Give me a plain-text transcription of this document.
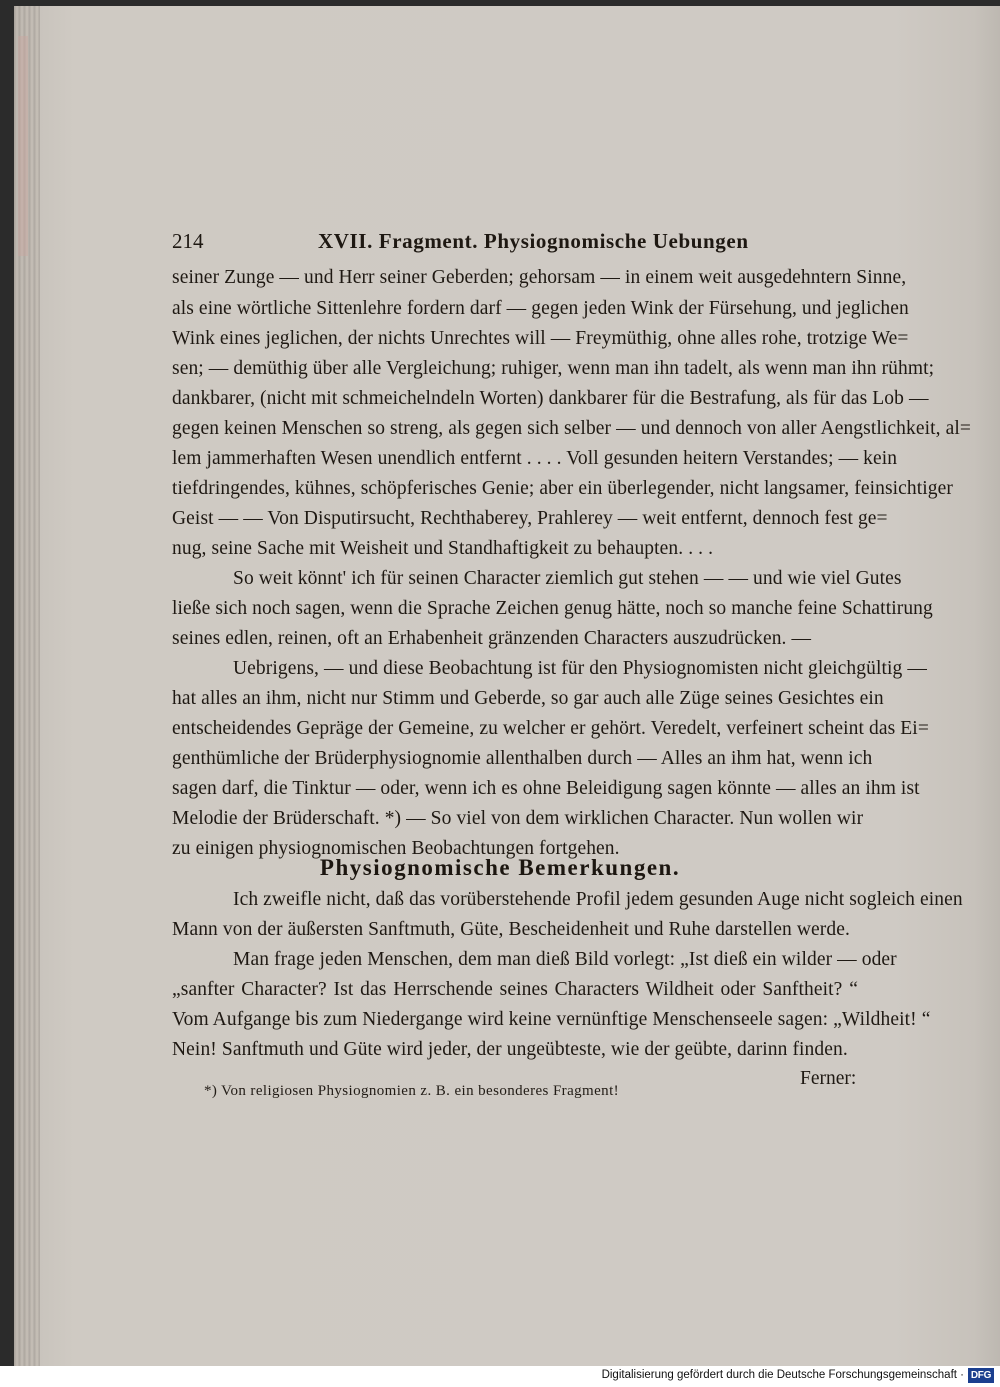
214	XVII. Fragment. Physiognomische Uebungen
seiner Zunge — und Herr seiner Geberden; gehorsam — in einem weit ausgedehntern Sinne,
als eine wörtliche Sittenlehre fordern darf — gegen jeden Wink der Fürsehung, und jeglichen
Wink eines jeglichen, der nichts Unrechtes will — Freymüthig, ohne alles rohe, trotzige We=
sen; — demüthig über alle Vergleichung; ruhiger, wenn man ihn tadelt, als wenn man ihn rühmt;
dankbarer, (nicht mit schmeichelndeln Worten) dankbarer für die Bestrafung, als für das Lob —
gegen keinen Menschen so streng, als gegen sich selber — und dennoch von aller Aengstlichkeit, al=
lem jammerhaften Wesen unendlich entfernt . . . . Voll gesunden heitern Verstandes; — kein
tiefdringendes, kühnes, schöpferisches Genie; aber ein überlegender, nicht langsamer, feinsichtiger
Geist — — Von Disputirsucht, Rechthaberey, Prahlerey — weit entfernt, dennoch fest ge=
nug, seine Sache mit Weisheit und Standhaftigkeit zu behaupten. . . .
So weit könnt' ich für seinen Character ziemlich gut stehen — — und wie viel Gutes
ließe sich noch sagen, wenn die Sprache Zeichen genug hätte, noch so manche feine Schattirung
seines edlen, reinen, oft an Erhabenheit gränzenden Characters auszudrücken. —
Uebrigens, — und diese Beobachtung ist für den Physiognomisten nicht gleichgültig —
hat alles an ihm, nicht nur Stimm und Geberde, so gar auch alle Züge seines Gesichtes ein
entscheidendes Gepräge der Gemeine, zu welcher er gehört. Veredelt, verfeinert scheint das Ei=
genthümliche der Brüderphysiognomie allenthalben durch — Alles an ihm hat, wenn ich
sagen darf, die Tinktur — oder, wenn ich es ohne Beleidigung sagen könnte — alles an ihm ist
Melodie der Brüderschaft. *) — So viel von dem wirklichen Character. Nun wollen wir
zu einigen physiognomischen Beobachtungen fortgehen.
Physiognomische Bemerkungen.
Ich zweifle nicht, daß das vorüberstehende Profil jedem gesunden Auge nicht sogleich einen
Mann von der äußersten Sanftmuth, Güte, Bescheidenheit und Ruhe darstellen werde.
Man frage jeden Menschen, dem man dieß Bild vorlegt: „Ist dieß ein wilder — oder
„sanfter Character? Ist das Herrschende seines Characters Wildheit oder Sanftheit? “
Vom Aufgange bis zum Niedergange wird keine vernünftige Menschenseele sagen: „Wildheit! “
Nein! Sanftmuth und Güte wird jeder, der ungeübteste, wie der geübte, darinn finden.
Ferner:
*) Von religiosen Physiognomien z. B. ein besonderes Fragment!
Digitalisierung gefördert durch die Deutsche Forschungsgemeinschaft · DFG
